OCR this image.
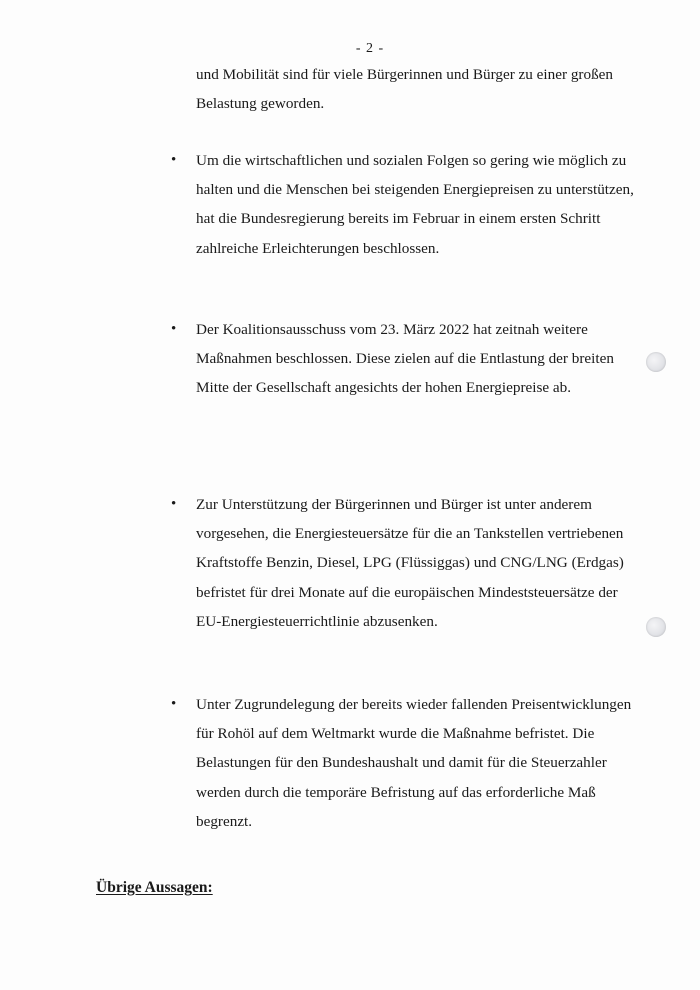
- 2 -

und Mobilität sind für viele Bürgerinnen und Bürger zu einer großen Belastung geworden.

• Um die wirtschaftlichen und sozialen Folgen so gering wie möglich zu halten und die Menschen bei steigenden Energiepreisen zu unterstützen, hat die Bundesregierung bereits im Februar in einem ersten Schritt zahlreiche Erleichterungen beschlossen.

• Der Koalitionsausschuss vom 23. März 2022 hat zeitnah weitere Maßnahmen beschlossen. Diese zielen auf die Entlastung der breiten Mitte der Gesellschaft angesichts der hohen Energiepreise ab.

• Zur Unterstützung der Bürgerinnen und Bürger ist unter anderem vorgesehen, die Energiesteuersätze für die an Tankstellen vertriebenen Kraftstoffe Benzin, Diesel, LPG (Flüssiggas) und CNG/LNG (Erdgas) befristet für drei Monate auf die europäischen Mindeststeuersätze der EU-Energiesteuerrichtlinie abzusenken.

• Unter Zugrundelegung der bereits wieder fallenden Preisentwicklungen für Rohöl auf dem Weltmarkt wurde die Maßnahme befristet. Die Belastungen für den Bundeshaushalt und damit für die Steuerzahler werden durch die temporäre Befristung auf das erforderliche Maß begrenzt.

Übrige Aussagen:
